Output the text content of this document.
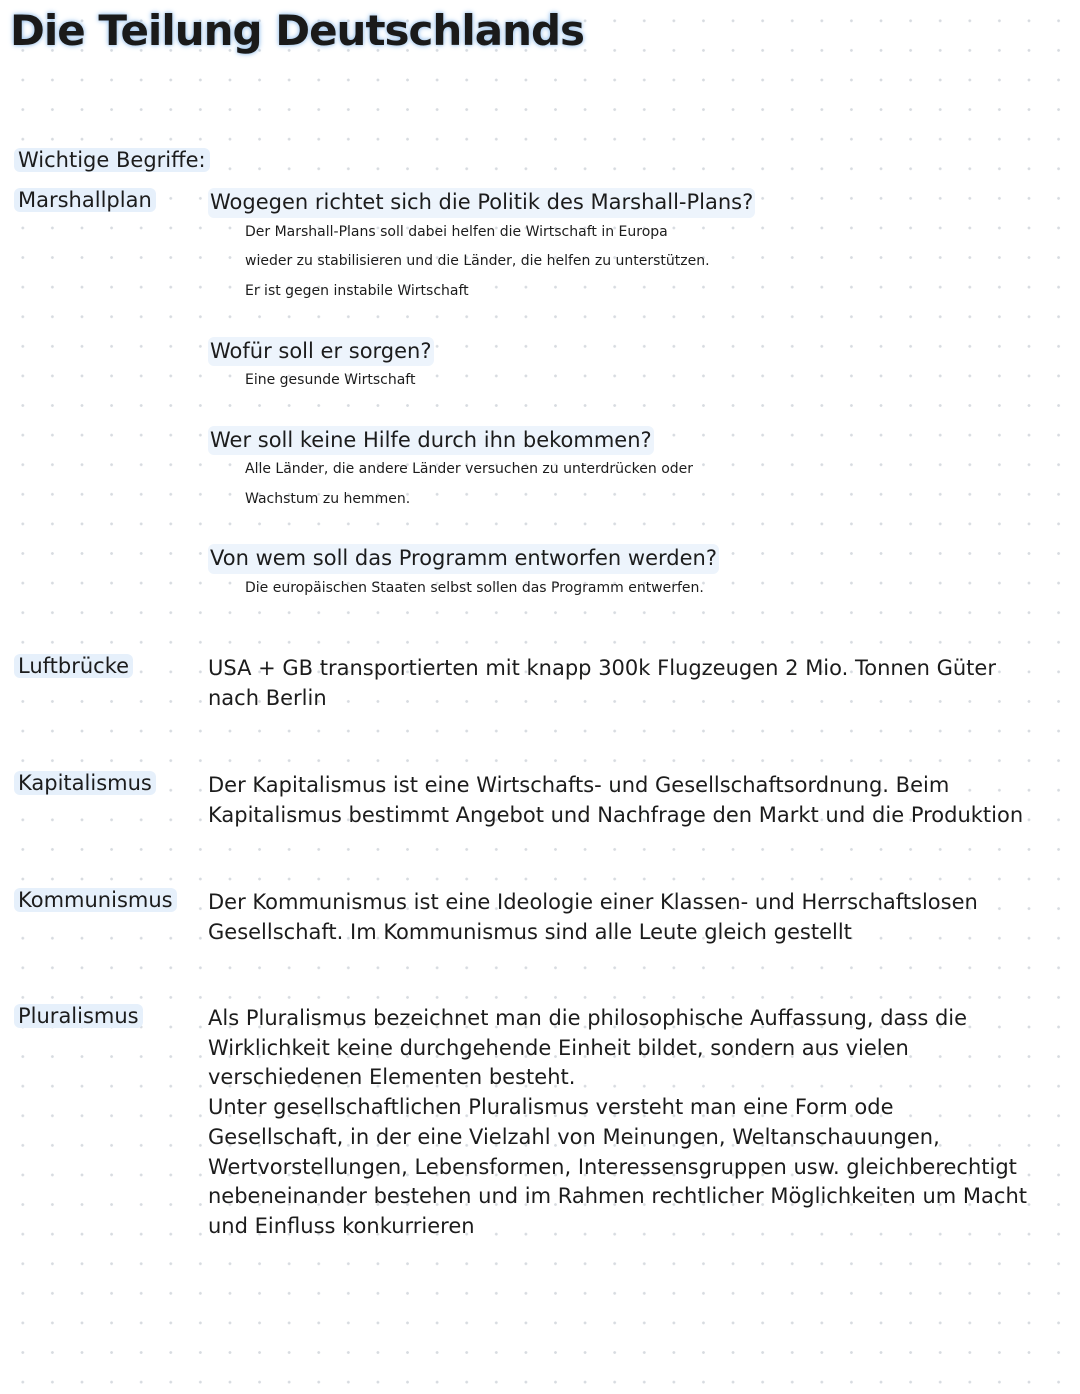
Die Teilung Deutschlands
Wichtige Begriffe:
Marshallplan	Wogegen richtet sich die Politik des Marshall-Plans?

Der Marshall-Plans soll dabei helfen die Wirtschaft in Europa

wieder zu stabilisieren und die Länder, die helfen zu unterstützen.

Er ist gegen instabile Wirtschaft

Wofür soll er sorgen?

Eine gesunde Wirtschaft

Wer soll keine Hilfe durch ihn bekommen?

Alle Länder, die andere Länder versuchen zu unterdrücken oder

Wachstum zu hemmen.

Von wem soll das Programm entworfen werden?

Die europäischen Staaten selbst sollen das Programm entwerfen.

Luftbrücke	USA + GB transportierten mit knapp 300k Flugzeugen 2 Mio. Tonnen Güter

nach Berlin

Kapitalismus	Der Kapitalismus ist eine Wirtschafts- und Gesellschaftsordnung. Beim

Kapitalismus bestimmt Angebot und Nachfrage den Markt und die Produktion

Kommunismus Der Kommunismus ist eine Ideologie einer Klassen- und Herrschaftslosen

Gesellschaft. Im Kommunismus sind alle Leute gleich gestellt

Pluralismus	Als Pluralismus bezeichnet man die philosophische Auffassung, dass die

Wirklichkeit keine durchgehende Einheit bildet, sondern aus vielen

verschiedenen Elementen besteht.

Unter gesellschaftlichen Pluralismus versteht man eine Form ode

Gesellschaft, in der eine Vielzahl von Meinungen, Weltanschauungen,

Wertvorstellungen, Lebensformen, Interessensgruppen usw. gleichberechtigt

nebeneinander bestehen und im Rahmen rechtlicher Möglichkeiten um Macht

und Einfluss konkurrieren
